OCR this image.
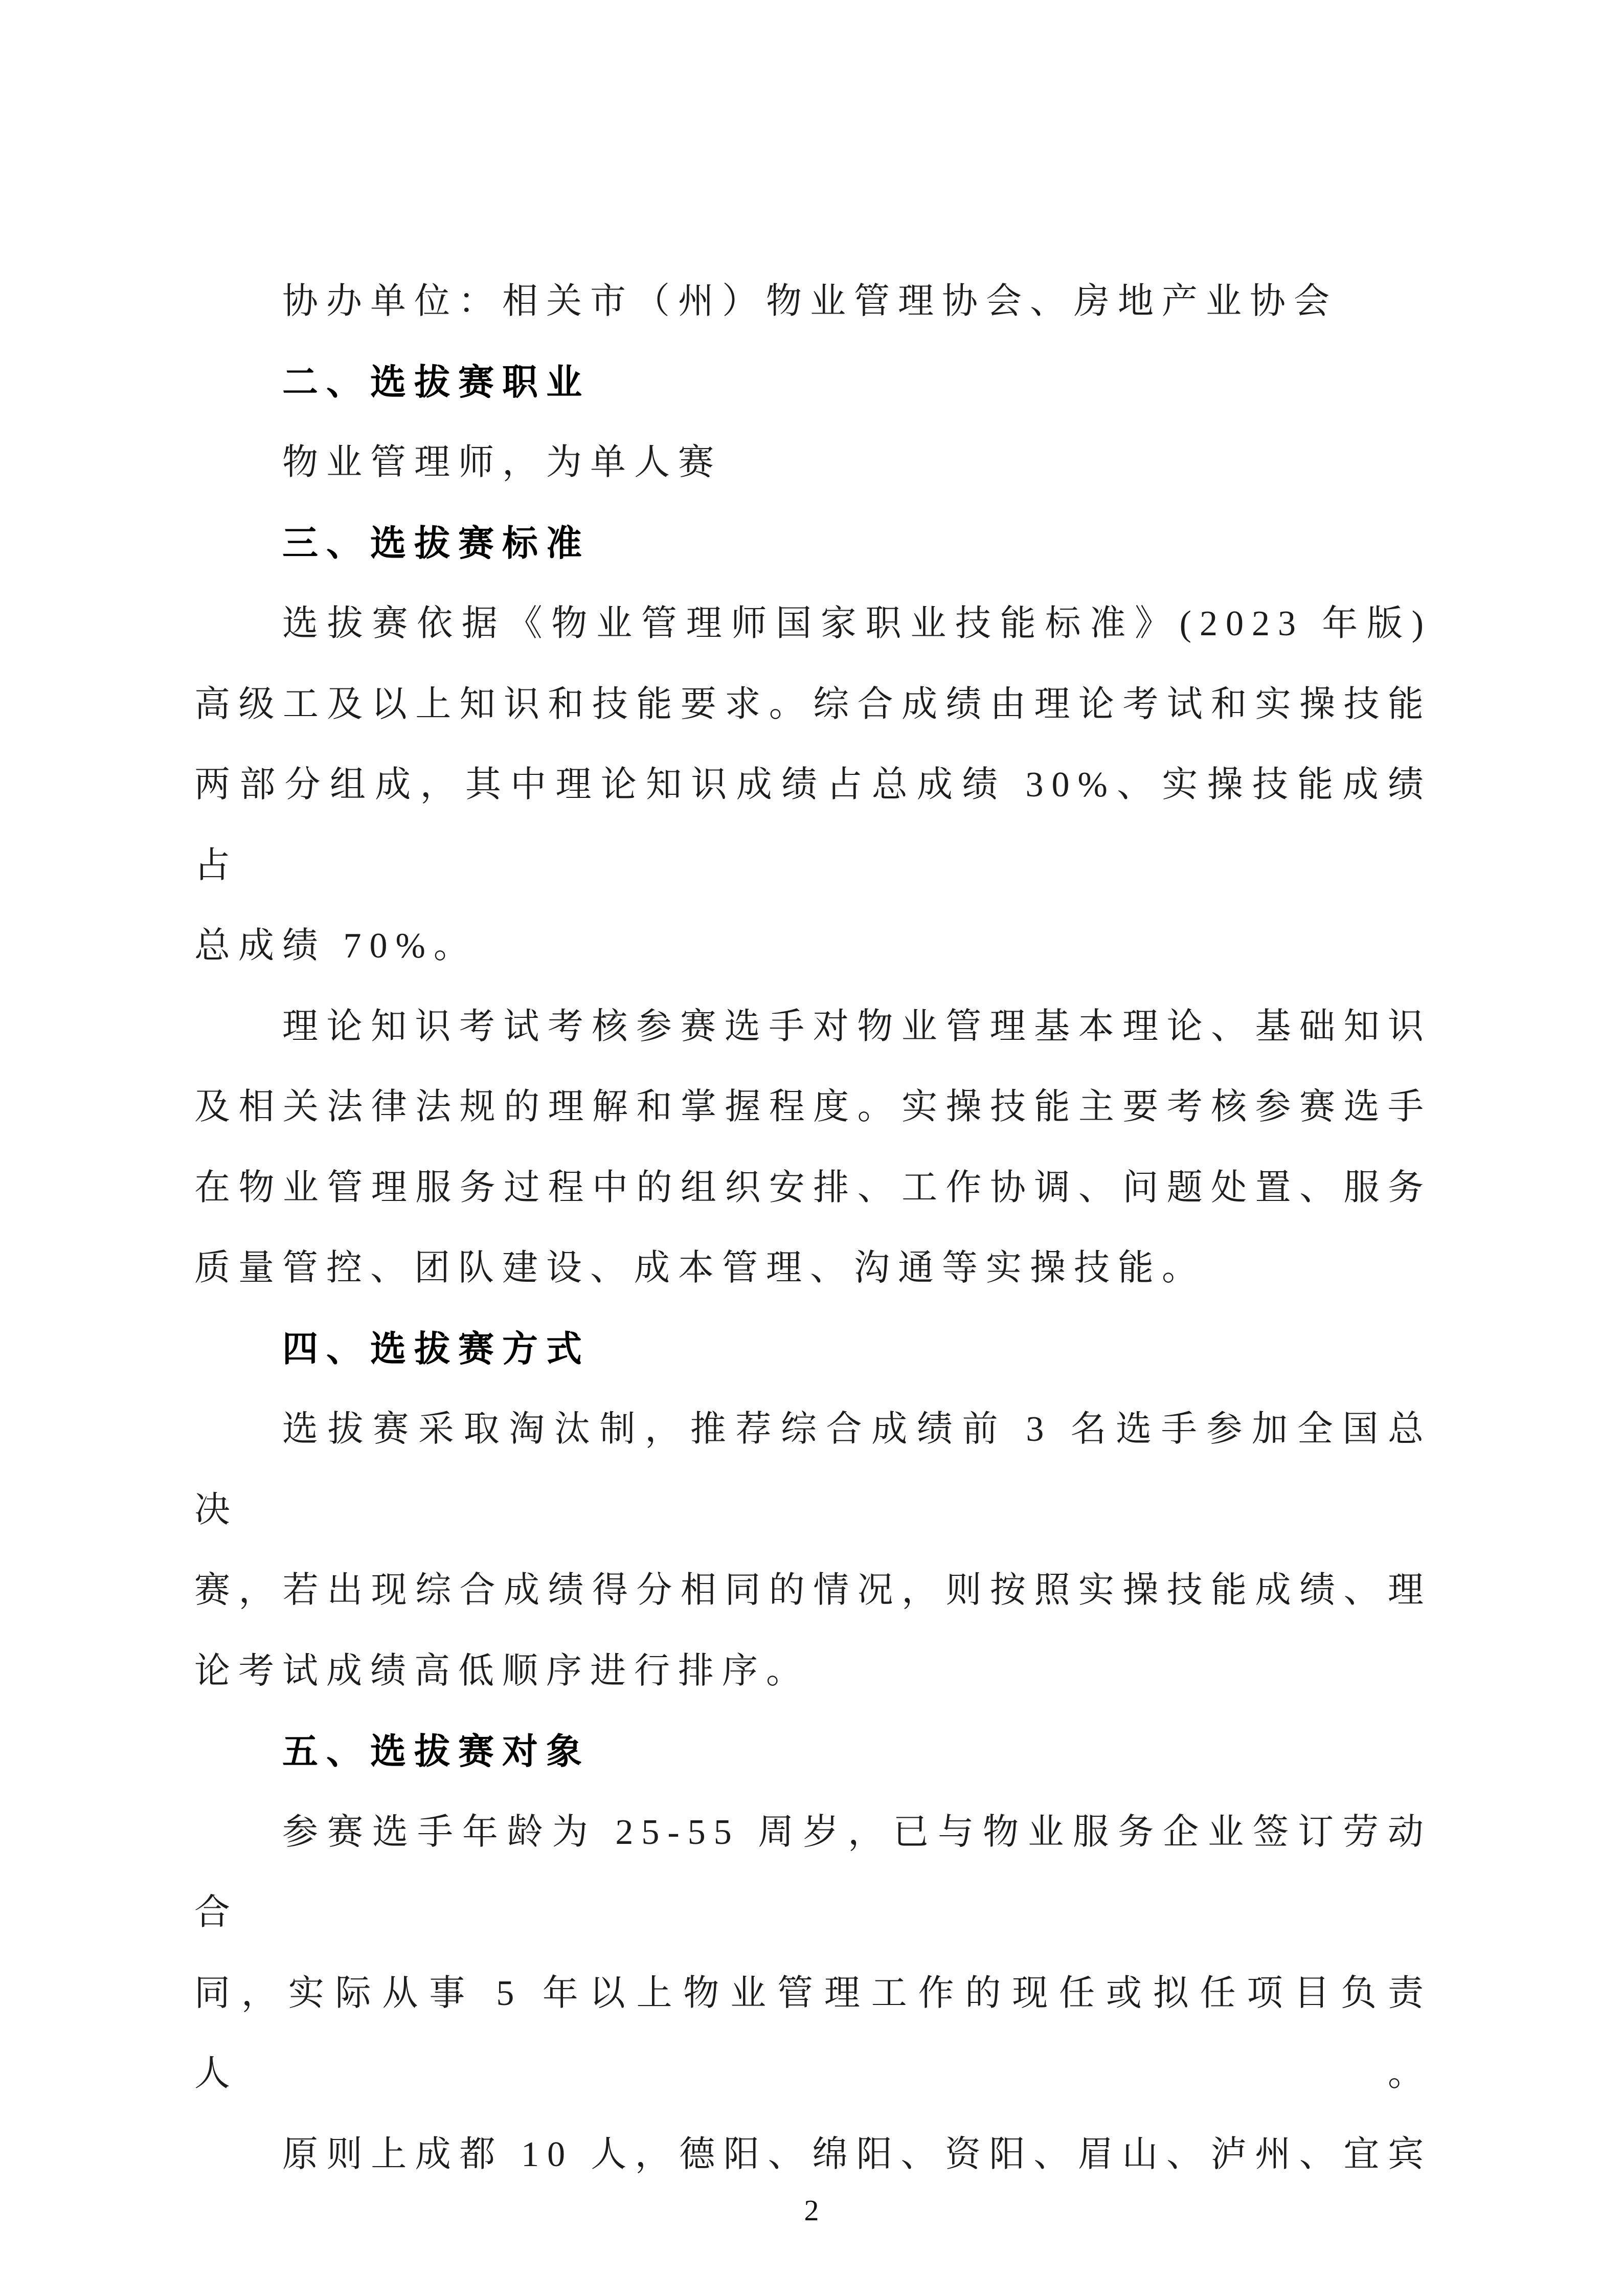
协办单位：相关市（州）物业管理协会、房地产业协会
二、选拔赛职业
物业管理师，为单人赛
三、选拔赛标准
选拔赛依据《物业管理师国家职业技能标准》(2023 年版)
高级工及以上知识和技能要求。综合成绩由理论考试和实操技能
两部分组成，其中理论知识成绩占总成绩 30%、实操技能成绩占
总成绩 70%。
理论知识考试考核参赛选手对物业管理基本理论、基础知识
及相关法律法规的理解和掌握程度。实操技能主要考核参赛选手
在物业管理服务过程中的组织安排、工作协调、问题处置、服务
质量管控、团队建设、成本管理、沟通等实操技能。
四、选拔赛方式
选拔赛采取淘汰制，推荐综合成绩前 3 名选手参加全国总决
赛，若出现综合成绩得分相同的情况，则按照实操技能成绩、理
论考试成绩高低顺序进行排序。
五、选拔赛对象
参赛选手年龄为 25-55 周岁，已与物业服务企业签订劳动合
同，实际从事 5 年以上物业管理工作的现任或拟任项目负责人。
原则上成都 10 人，德阳、绵阳、资阳、眉山、泸州、宜宾
2
